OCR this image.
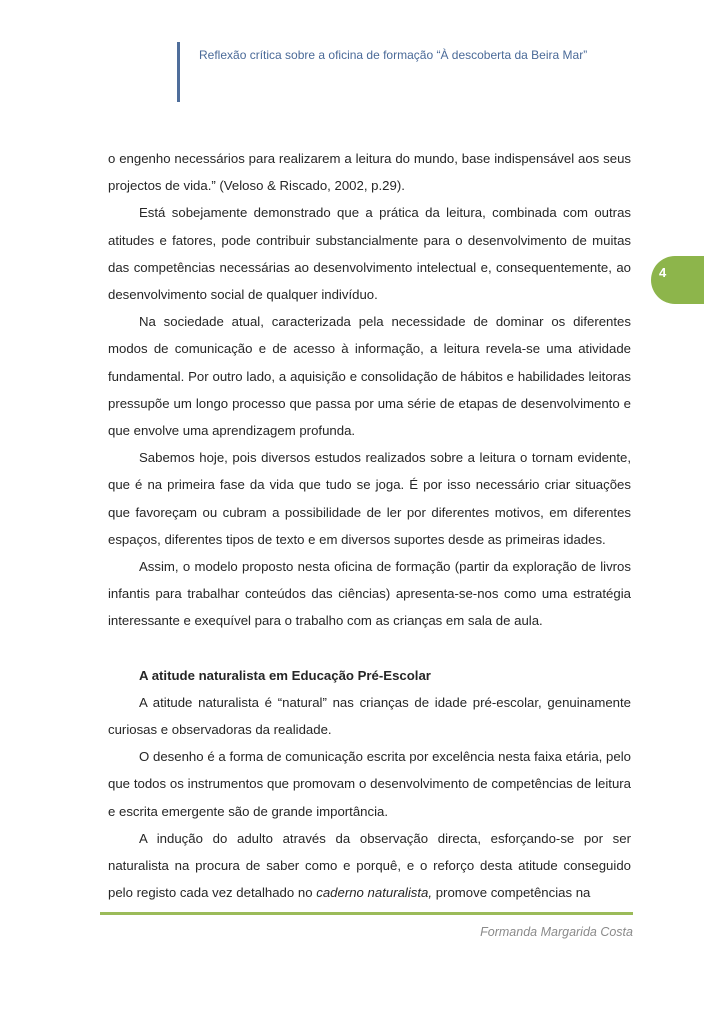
Reflexão crítica sobre a oficina de formação “À descoberta da Beira Mar”
4

o engenho necessários para realizarem a leitura do mundo, base indispensável aos seus projectos de vida.” (Veloso & Riscado, 2002, p.29).

Está sobejamente demonstrado que a prática da leitura, combinada com outras atitudes e fatores, pode contribuir substancialmente para o desenvolvimento de muitas das competências necessárias ao desenvolvimento intelectual e, consequentemente, ao desenvolvimento social de qualquer indivíduo.

Na sociedade atual, caracterizada pela necessidade de dominar os diferentes modos de comunicação e de acesso à informação, a leitura revela-se uma atividade fundamental. Por outro lado, a aquisição e consolidação de hábitos e habilidades leitoras pressupõe um longo processo que passa por uma série de etapas de desenvolvimento e que envolve uma aprendizagem profunda.

Sabemos hoje, pois diversos estudos realizados sobre a leitura o tornam evidente, que é na primeira fase da vida que tudo se joga. É por isso necessário criar situações que favoreçam ou cubram a possibilidade de ler por diferentes motivos, em diferentes espaços, diferentes tipos de texto e em diversos suportes desde as primeiras idades.

Assim, o modelo proposto nesta oficina de formação (partir da exploração de livros infantis para trabalhar conteúdos das ciências) apresenta-se-nos como uma estratégia interessante e exequível para o trabalho com as crianças em sala de aula.

A atitude naturalista em Educação Pré-Escolar

A atitude naturalista é “natural” nas crianças de idade pré-escolar, genuinamente curiosas e observadoras da realidade.

O desenho é a forma de comunicação escrita por excelência nesta faixa etária, pelo que todos os instrumentos que promovam o desenvolvimento de competências de leitura e escrita emergente são de grande importância.

A indução do adulto através da observação directa, esforçando-se por ser naturalista na procura de saber como e porquê, e o reforço desta atitude conseguido pelo registo cada vez detalhado no caderno naturalista, promove competências na

Formanda Margarida Costa
